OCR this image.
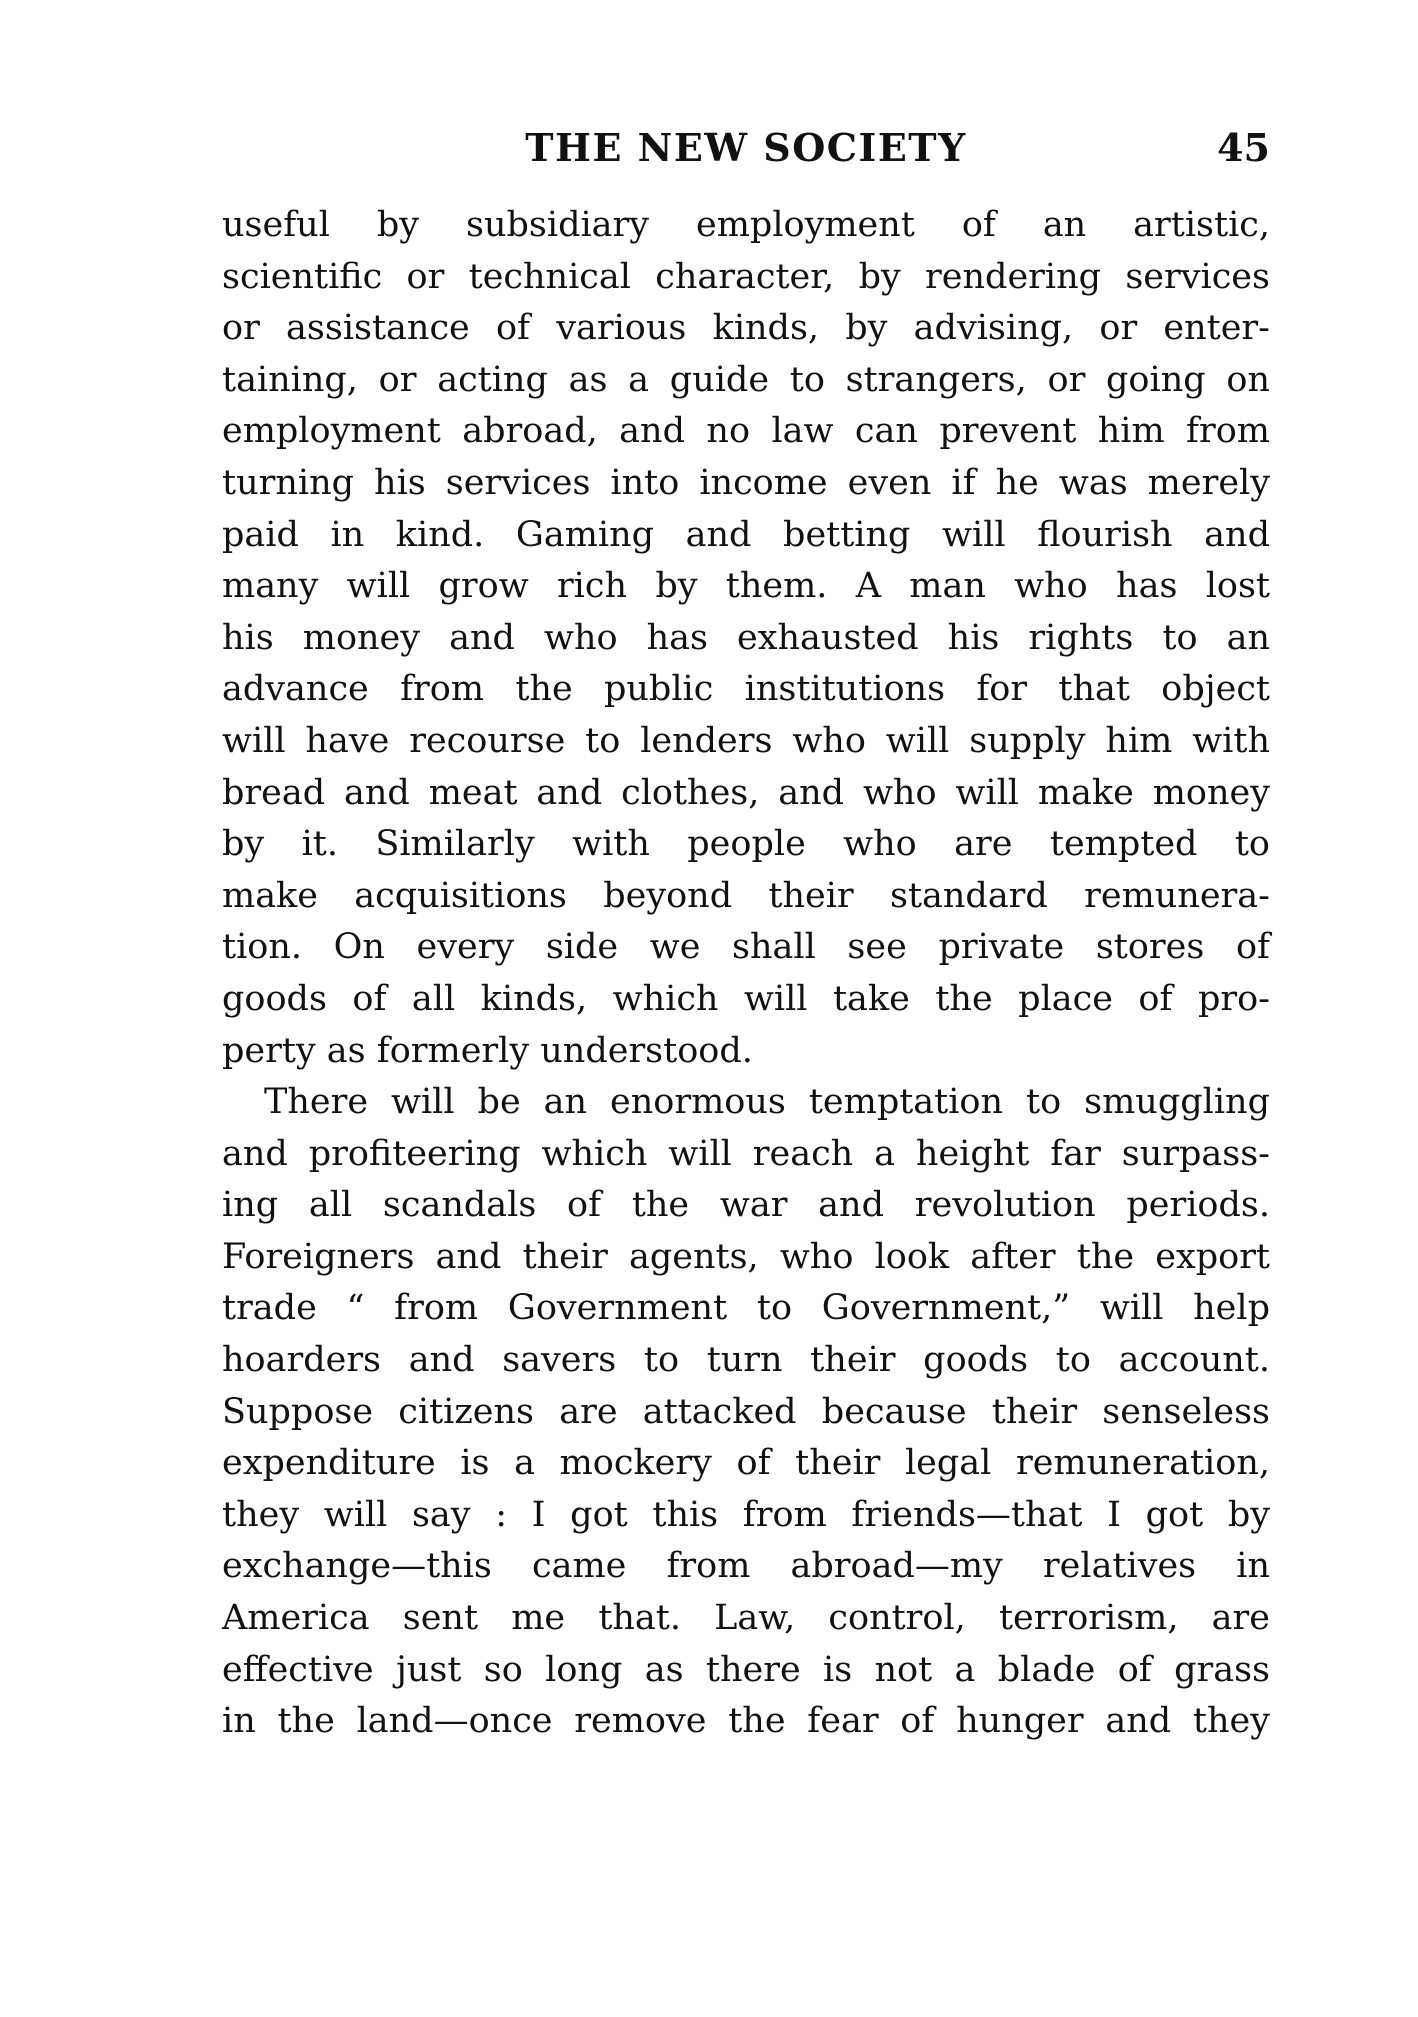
THE NEW SOCIETY	45
useful by subsidiary employment of an artistic,
scientific or technical character, by rendering services
or assistance of various kinds, by advising, or enter-
taining, or acting as a guide to strangers, or going on
employment abroad, and no law can prevent him from
turning his services into income even if he was merely
paid in kind. Gaming and betting will flourish and
many will grow rich by them. A man who has lost
his money and who has exhausted his rights to an
advance from the public institutions for that object
will have recourse to lenders who will supply him with
bread and meat and clothes, and who will make money
by it. Similarly with people who are tempted to
make acquisitions beyond their standard remunera-
tion. On every side we shall see private stores of
goods of all kinds, which will take the place of pro-
perty as formerly understood.
There will be an enormous temptation to smuggling
and profiteering which will reach a height far surpass-
ing all scandals of the war and revolution periods.
Foreigners and their agents, who look after the export
trade “ from Government to Government,” will help
hoarders and savers to turn their goods to account.
Suppose citizens are attacked because their senseless
expenditure is a mockery of their legal remuneration,
they will say : I got this from friends—that I got by
exchange—this came from abroad—my relatives in
America sent me that. Law, control, terrorism, are
effective just so long as there is not a blade of grass
in the land—once remove the fear of hunger and they
